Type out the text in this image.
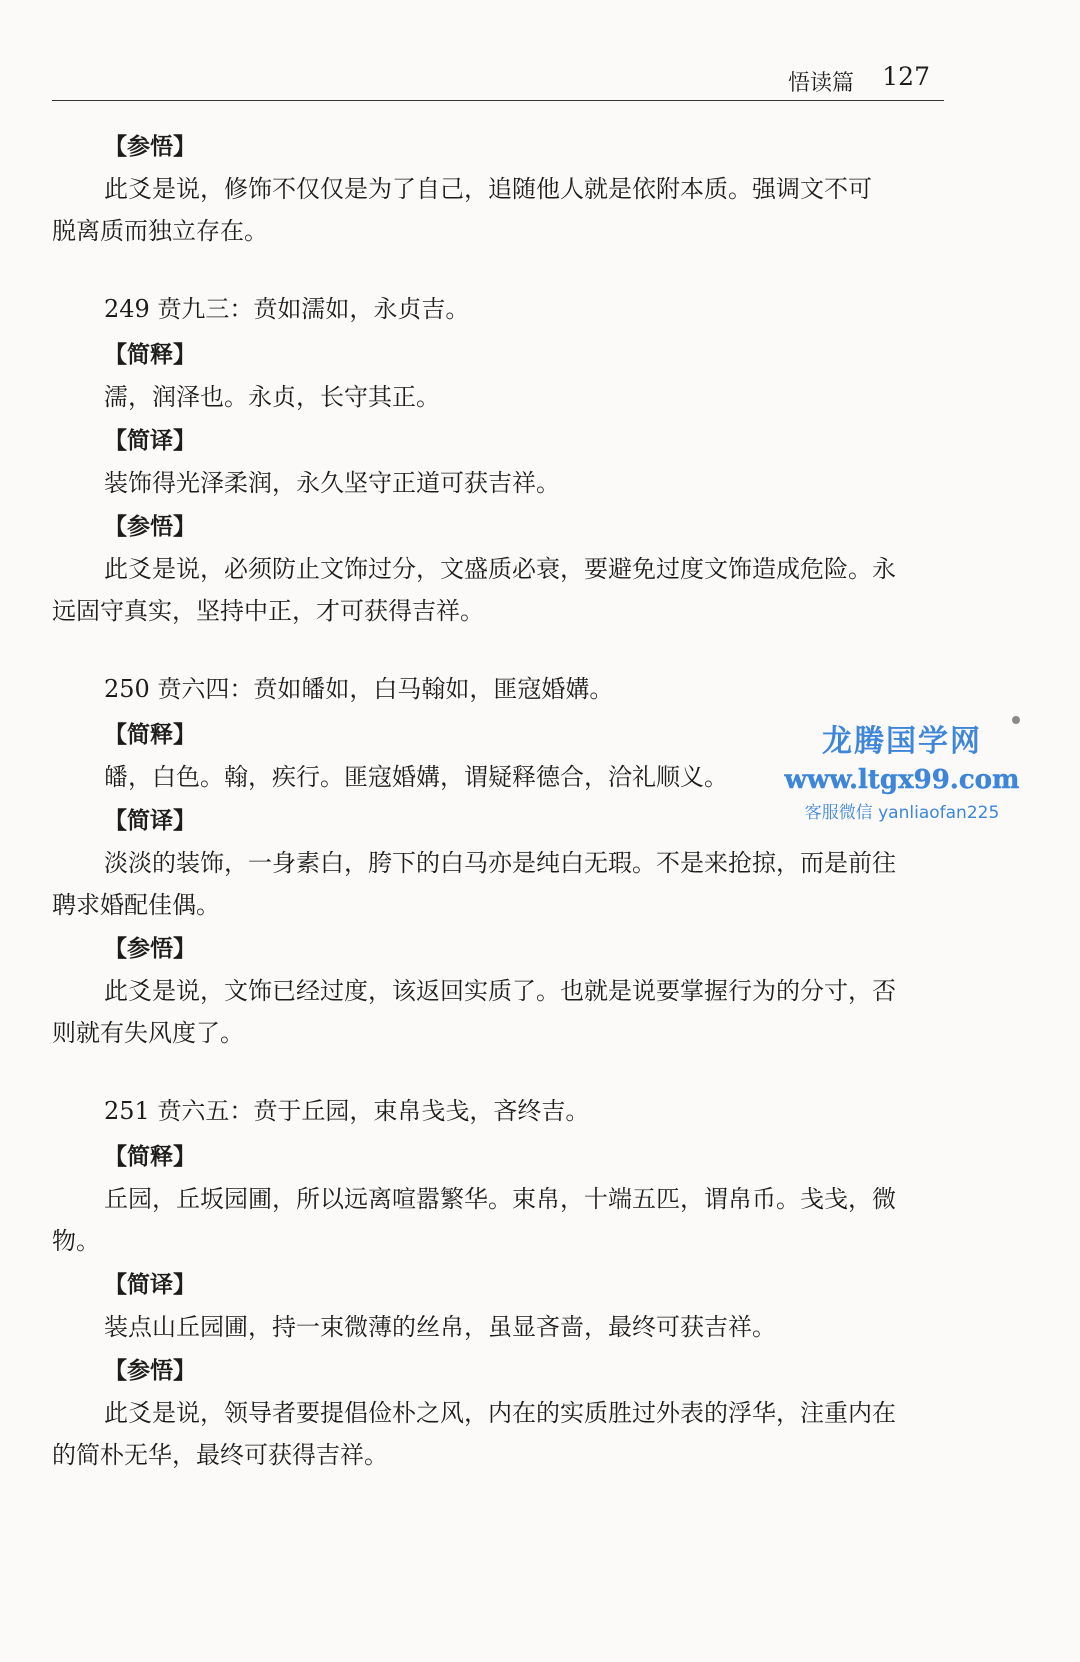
悟读篇 127
【参悟】
此爻是说，修饰不仅仅是为了自己，追随他人就是依附本质。强调文不可
脱离质而独立存在。
249 贲九三：贲如濡如，永贞吉。
【简释】
濡，润泽也。永贞，长守其正。
【简译】
装饰得光泽柔润，永久坚守正道可获吉祥。
【参悟】
此爻是说，必须防止文饰过分，文盛质必衰，要避免过度文饰造成危险。永
远固守真实，坚持中正，才可获得吉祥。
250 贲六四：贲如皤如，白马翰如，匪寇婚媾。
【简释】
皤，白色。翰，疾行。匪寇婚媾，谓疑释德合，洽礼顺义。
【简译】
淡淡的装饰，一身素白，胯下的白马亦是纯白无瑕。不是来抢掠，而是前往
聘求婚配佳偶。
【参悟】
此爻是说，文饰已经过度，该返回实质了。也就是说要掌握行为的分寸，否
则就有失风度了。
251 贲六五：贲于丘园，束帛戋戋，吝终吉。
【简释】
丘园，丘坂园圃，所以远离喧嚣繁华。束帛，十端五匹，谓帛币。戋戋，微
物。
【简译】
装点山丘园圃，持一束微薄的丝帛，虽显吝啬，最终可获吉祥。
【参悟】
此爻是说，领导者要提倡俭朴之风，内在的实质胜过外表的浮华，注重内在
的简朴无华，最终可获得吉祥。
龙腾国学网
www.ltgx99.com
客服微信 yanliaofan225
